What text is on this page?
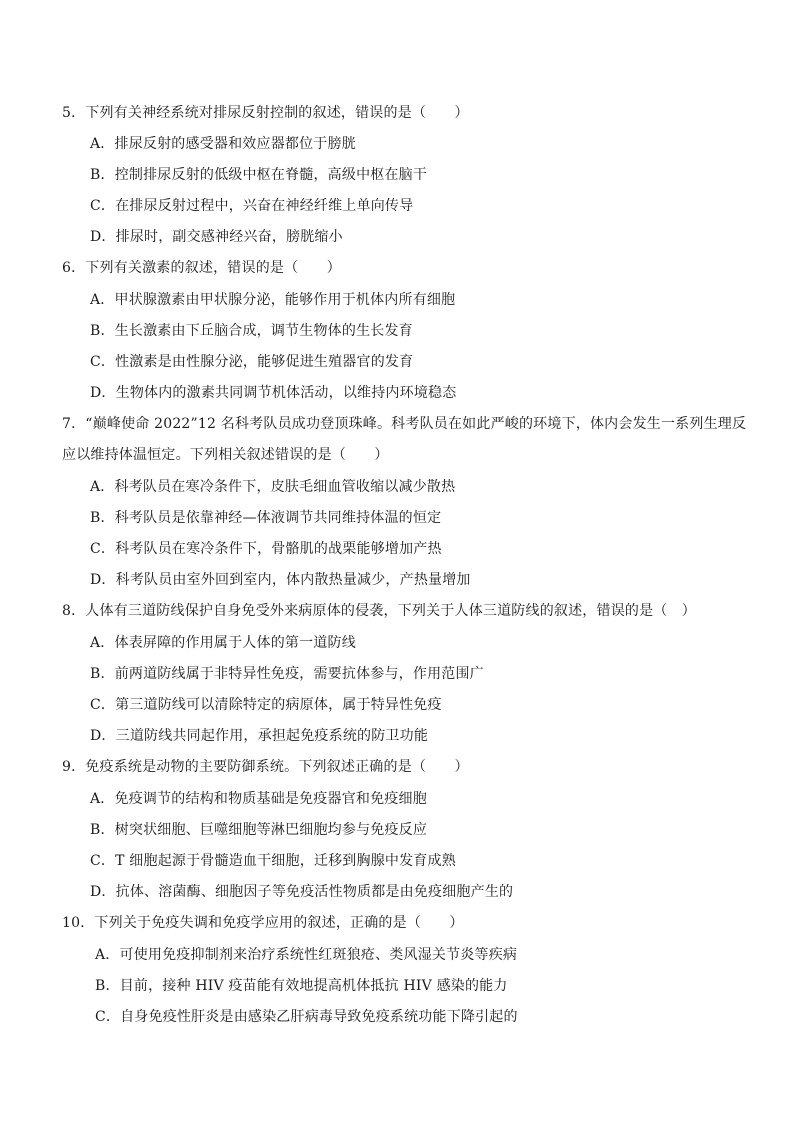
5．下列有关神经系统对排尿反射控制的叙述，错误的是（　　）
A．排尿反射的感受器和效应器都位于膀胱
B．控制排尿反射的低级中枢在脊髓，高级中枢在脑干
C．在排尿反射过程中，兴奋在神经纤维上单向传导
D．排尿时，副交感神经兴奋，膀胱缩小
6．下列有关激素的叙述，错误的是（　　）
A．甲状腺激素由甲状腺分泌，能够作用于机体内所有细胞
B．生长激素由下丘脑合成，调节生物体的生长发育
C．性激素是由性腺分泌，能够促进生殖器官的发育
D．生物体内的激素共同调节机体活动，以维持内环境稳态
7．“巅峰使命 2022”12 名科考队员成功登顶珠峰。科考队员在如此严峻的环境下，体内会发生一系列生理反
应以维持体温恒定。下列相关叙述错误的是（　　）
A．科考队员在寒冷条件下，皮肤毛细血管收缩以减少散热
B．科考队员是依靠神经—体液调节共同维持体温的恒定
C．科考队员在寒冷条件下，骨骼肌的战栗能够增加产热
D．科考队员由室外回到室内，体内散热量减少，产热量增加
8．人体有三道防线保护自身免受外来病原体的侵袭，下列关于人体三道防线的叙述，错误的是（　）
A．体表屏障的作用属于人体的第一道防线
B．前两道防线属于非特异性免疫，需要抗体参与，作用范围广
C．第三道防线可以清除特定的病原体，属于特异性免疫
D．三道防线共同起作用，承担起免疫系统的防卫功能
9．免疫系统是动物的主要防御系统。下列叙述正确的是（　　）
A．免疫调节的结构和物质基础是免疫器官和免疫细胞
B．树突状细胞、巨噬细胞等淋巴细胞均参与免疫反应
C．T 细胞起源于骨髓造血干细胞，迁移到胸腺中发育成熟
D．抗体、溶菌酶、细胞因子等免疫活性物质都是由免疫细胞产生的
10．下列关于免疫失调和免疫学应用的叙述，正确的是（　　）
A．可使用免疫抑制剂来治疗系统性红斑狼疮、类风湿关节炎等疾病
B．目前，接种 HIV 疫苗能有效地提高机体抵抗 HIV 感染的能力
C．自身免疫性肝炎是由感染乙肝病毒导致免疫系统功能下降引起的
